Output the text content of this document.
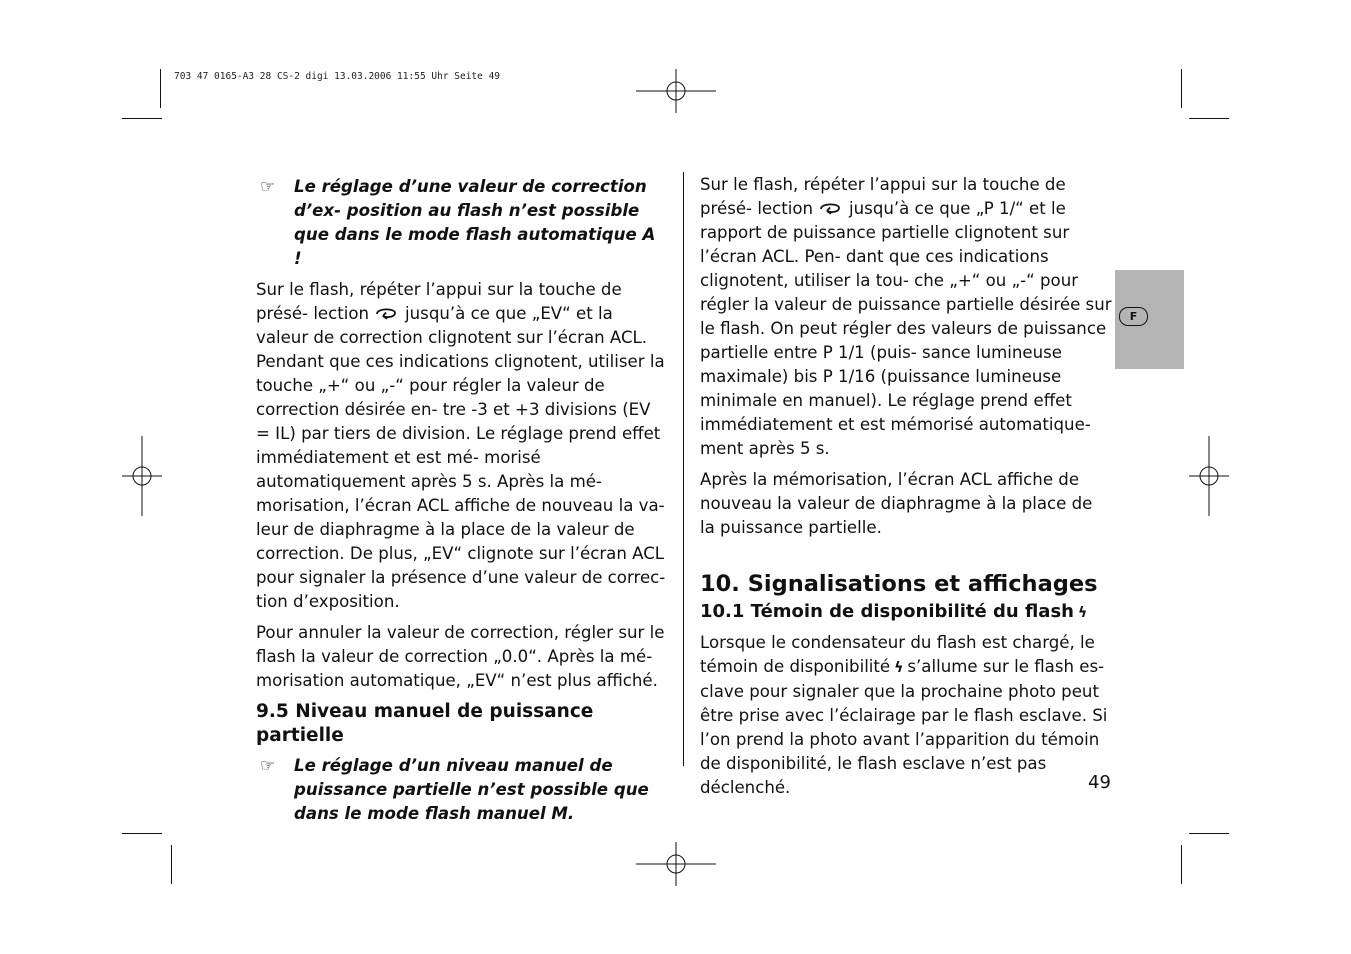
703 47 0165-A3 28 CS-2 digi 13.03.2006 11:55 Uhr Seite 49
☞ Le réglage d’une valeur de correction d’ex- position au flash n’est possible que dans le mode flash automatique A !

Sur le flash, répéter l’appui sur la touche de présé- lection jusqu’à ce que „EV“ et la valeur de correction clignotent sur l’écran ACL. Pendant que ces indications clignotent, utiliser la touche „+“ ou „-“ pour régler la valeur de correction désirée en- tre -3 et +3 divisions (EV = IL) par tiers de division. Le réglage prend effet immédiatement et est mé- morisé automatiquement après 5 s. Après la mé- morisation, l’écran ACL affiche de nouveau la va- leur de diaphragme à la place de la valeur de correction. De plus, „EV“ clignote sur l’écran ACL pour signaler la présence d’une valeur de correc- tion d’exposition.

Pour annuler la valeur de correction, régler sur le flash la valeur de correction „0.0“. Après la mé- morisation automatique, „EV“ n’est plus affiché.

9.5 Niveau manuel de puissance partielle
☞ Le réglage d’un niveau manuel de puissance partielle n’est possible que dans le mode flash manuel M.

Sur le flash, répéter l’appui sur la touche de présé- lection jusqu’à ce que „P 1/“ et le rapport de puissance partielle clignotent sur l’écran ACL. Pen- dant que ces indications clignotent, utiliser la tou- che „+“ ou „-“ pour régler la valeur de puissance partielle désirée sur le flash. On peut régler des valeurs de puissance partielle entre P 1/1 (puis- sance lumineuse maximale) bis P 1/16 (puissance lumineuse minimale en manuel). Le réglage prend effet immédiatement et est mémorisé automatique- ment après 5 s.

Après la mémorisation, l’écran ACL affiche de nouveau la valeur de diaphragme à la place de la puissance partielle.

10. Signalisations et affichages
10.1 Témoin de disponibilité du flash ϟ

Lorsque le condensateur du flash est chargé, le témoin de disponibilité ϟ s’allume sur le flash es- clave pour signaler que la prochaine photo peut être prise avec l’éclairage par le flash esclave. Si l’on prend la photo avant l’apparition du témoin de disponibilité, le flash esclave n’est pas déclenché.

F
49
